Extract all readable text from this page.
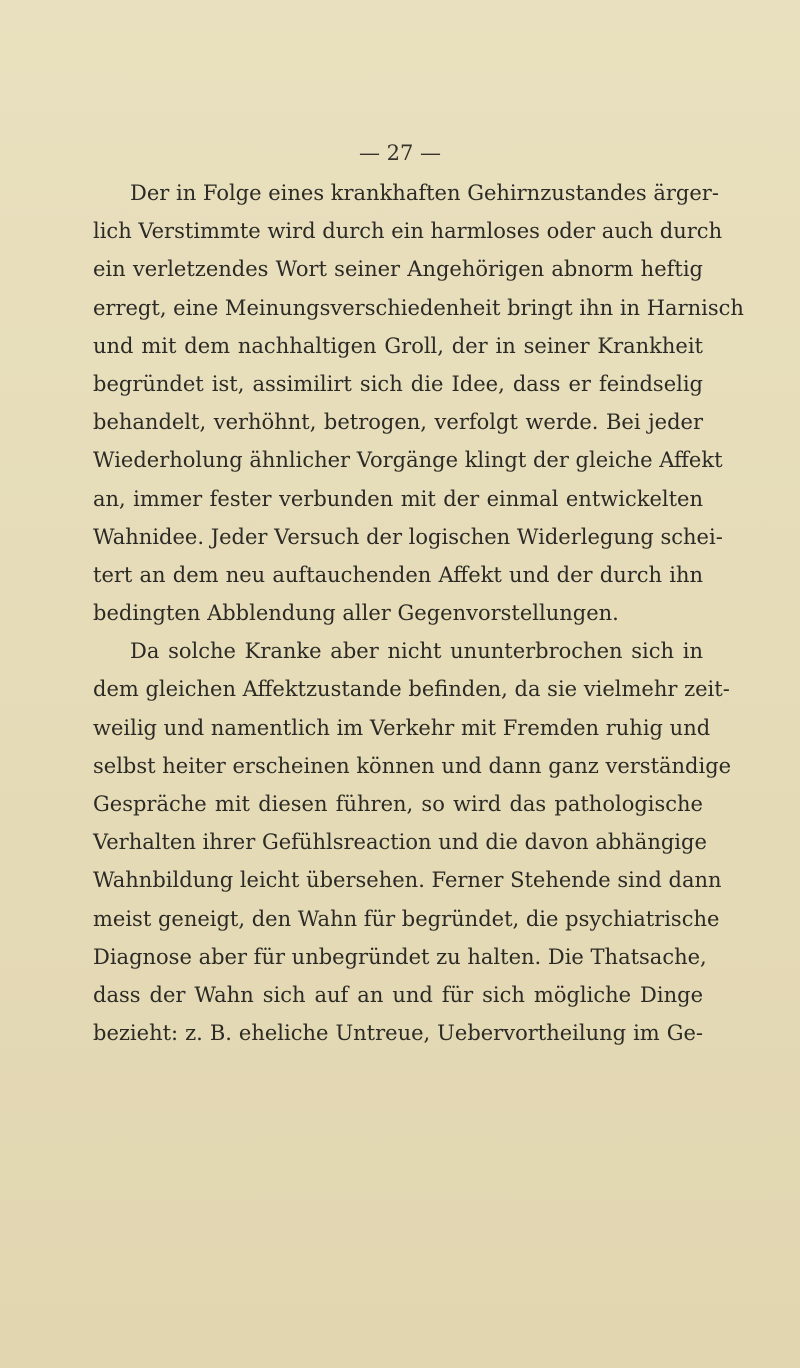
— 27 —
Der in Folge eines krankhaften Gehirnzustandes ärger-
lich Verstimmte wird durch ein harmloses oder auch durch
ein verletzendes Wort seiner Angehörigen abnorm heftig
erregt, eine Meinungsverschiedenheit bringt ihn in Harnisch
und mit dem nachhaltigen Groll, der in seiner Krankheit
begründet ist, assimilirt sich die Idee, dass er feindselig
behandelt, verhöhnt, betrogen, verfolgt werde. Bei jeder
Wiederholung ähnlicher Vorgänge klingt der gleiche Affekt
an, immer fester verbunden mit der einmal entwickelten
Wahnidee. Jeder Versuch der logischen Widerlegung schei-
tert an dem neu auftauchenden Affekt und der durch ihn
bedingten Abblendung aller Gegenvorstellungen.
Da solche Kranke aber nicht ununterbrochen sich in
dem gleichen Affektzustande befinden, da sie vielmehr zeit-
weilig und namentlich im Verkehr mit Fremden ruhig und
selbst heiter erscheinen können und dann ganz verständige
Gespräche mit diesen führen, so wird das pathologische
Verhalten ihrer Gefühlsreaction und die davon abhängige
Wahnbildung leicht übersehen. Ferner Stehende sind dann
meist geneigt, den Wahn für begründet, die psychiatrische
Diagnose aber für unbegründet zu halten. Die Thatsache,
dass der Wahn sich auf an und für sich mögliche Dinge
bezieht: z. B. eheliche Untreue, Uebervortheilung im Ge-
